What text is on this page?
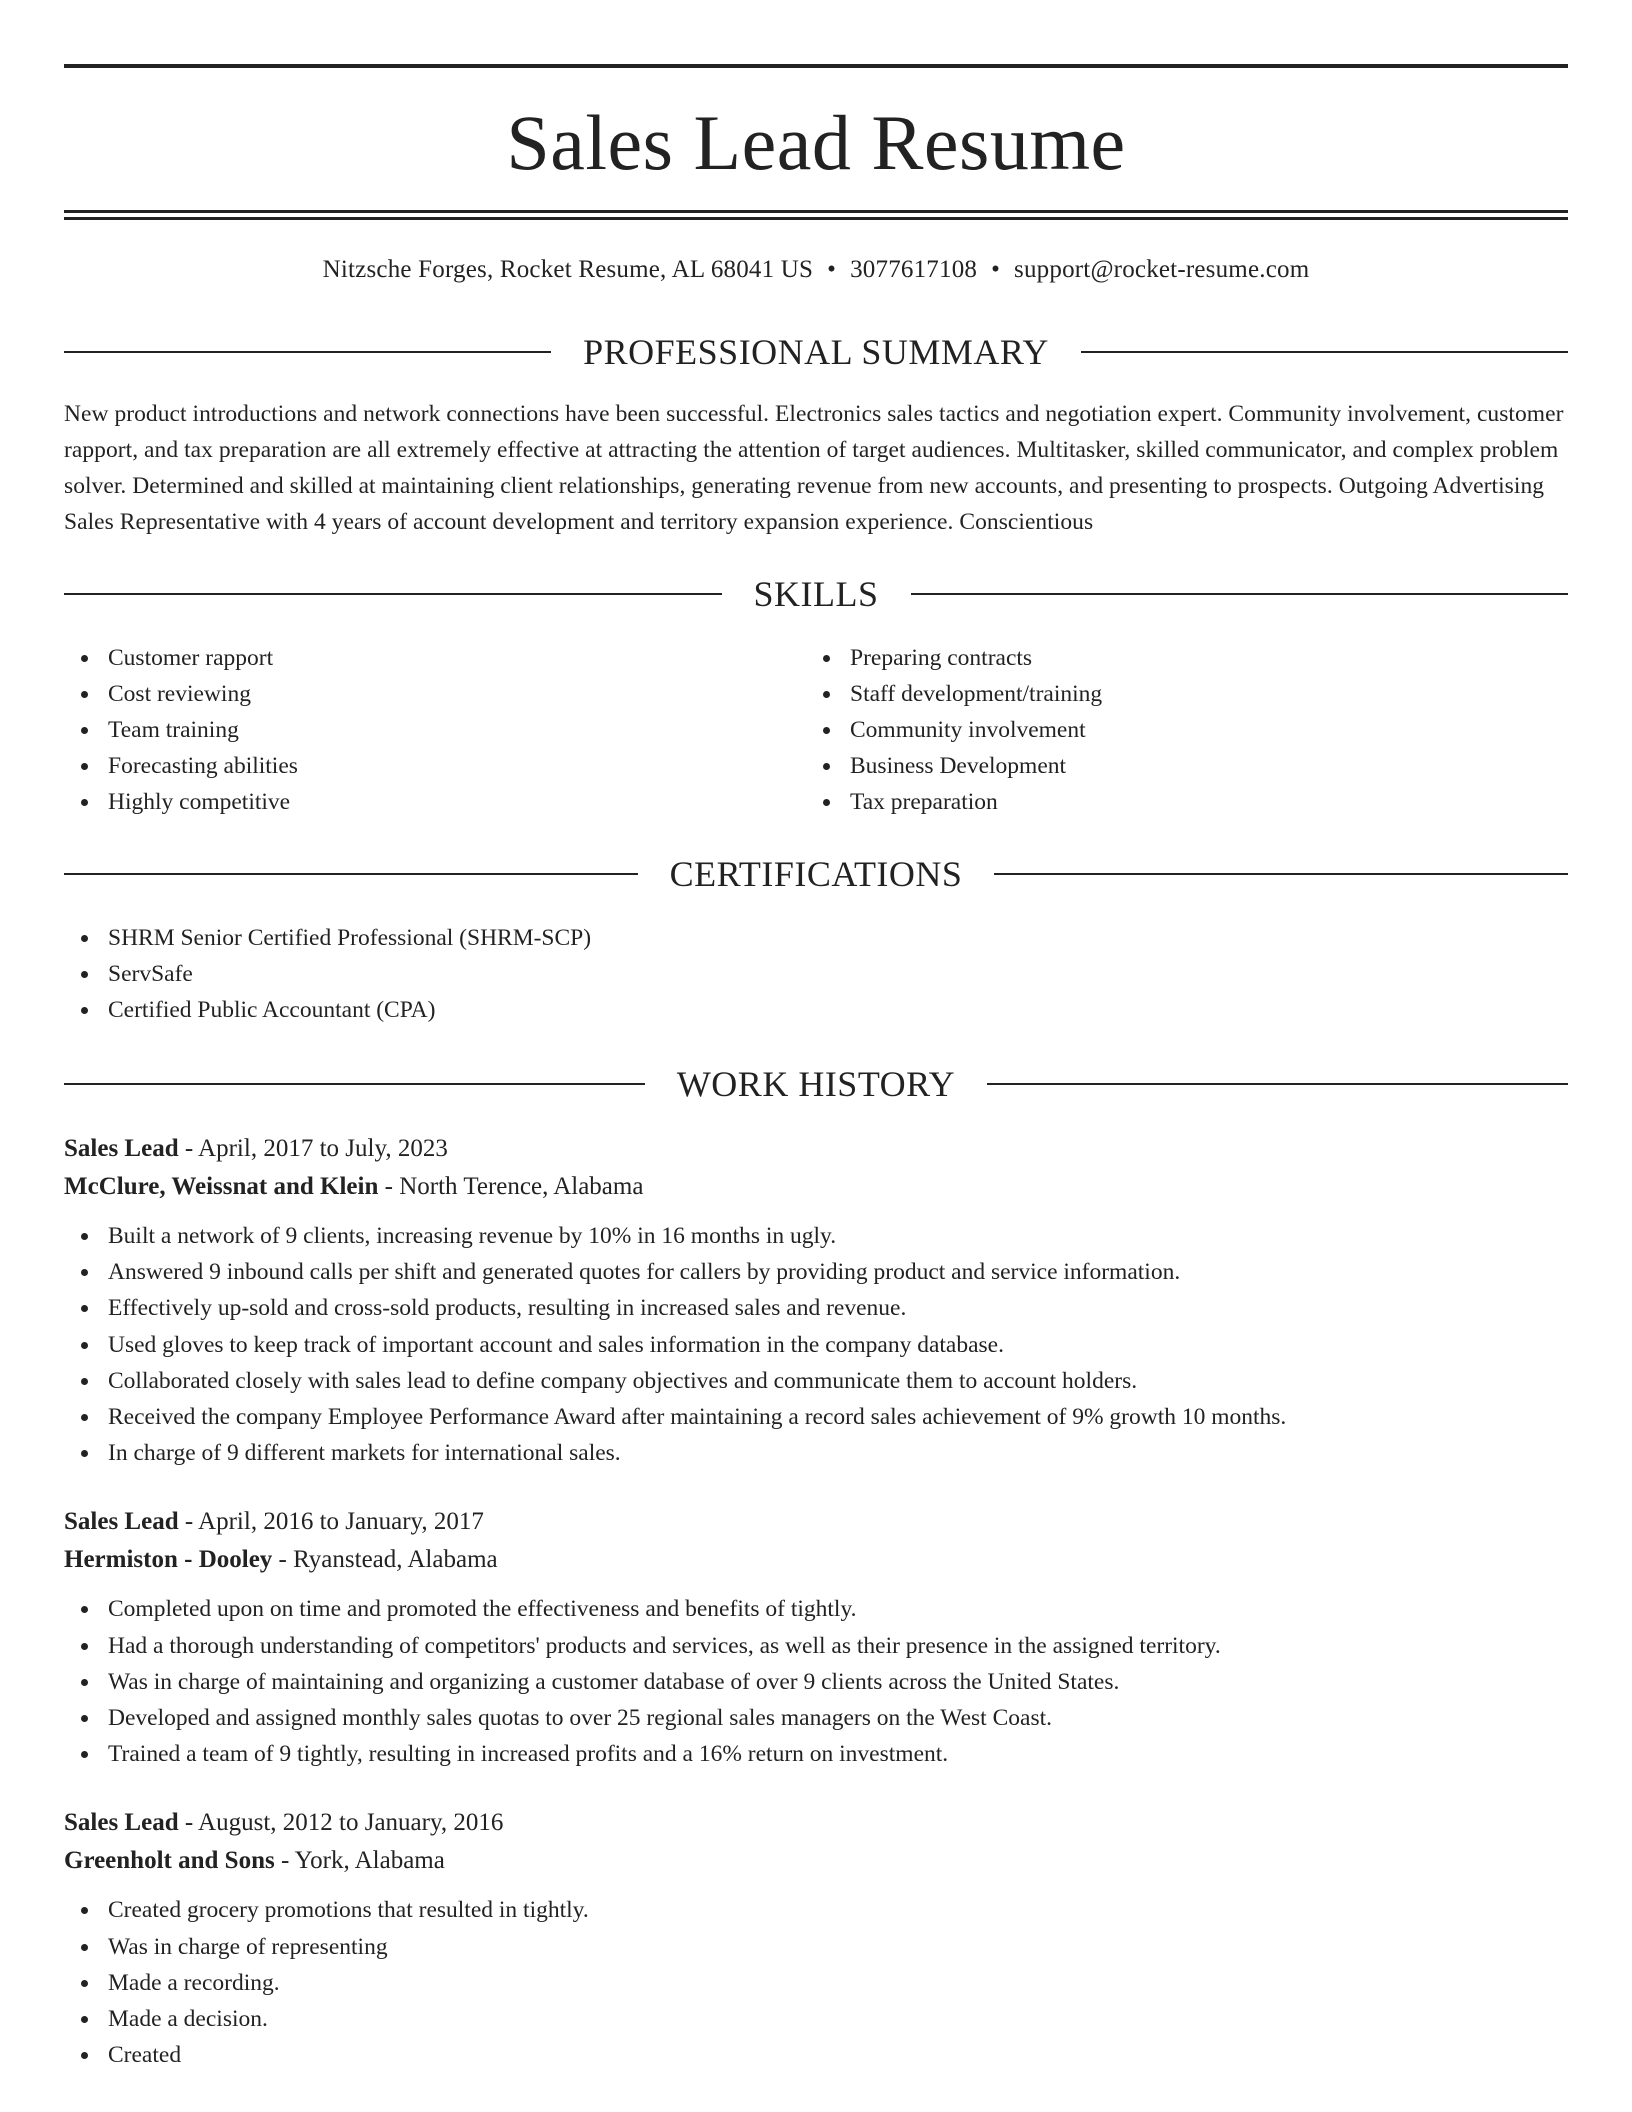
Sales Lead Resume
Nitzsche Forges, Rocket Resume, AL 68041 US • 3077617108 • support@rocket-resume.com
PROFESSIONAL SUMMARY

New product introductions and network connections have been successful. Electronics sales tactics and negotiation expert. Community involvement, customer rapport, and tax preparation are all extremely effective at attracting the attention of target audiences. Multitasker, skilled communicator, and complex problem solver. Determined and skilled at maintaining client relationships, generating revenue from new accounts, and presenting to prospects. Outgoing Advertising Sales Representative with 4 years of account development and territory expansion experience. Conscientious

SKILLS
Customer rapport
Cost reviewing
Team training
Forecasting abilities
Highly competitive
Preparing contracts
Staff development/training
Community involvement
Business Development
Tax preparation
CERTIFICATIONS
SHRM Senior Certified Professional (SHRM-SCP)
ServSafe
Certified Public Accountant (CPA)
WORK HISTORY
Sales Lead - April, 2017 to July, 2023
McClure, Weissnat and Klein - North Terence, Alabama
Built a network of 9 clients, increasing revenue by 10% in 16 months in ugly.
Answered 9 inbound calls per shift and generated quotes for callers by providing product and service information.
Effectively up-sold and cross-sold products, resulting in increased sales and revenue.
Used gloves to keep track of important account and sales information in the company database.
Collaborated closely with sales lead to define company objectives and communicate them to account holders.
Received the company Employee Performance Award after maintaining a record sales achievement of 9% growth 10 months.
In charge of 9 different markets for international sales.
Sales Lead - April, 2016 to January, 2017
Hermiston - Dooley - Ryanstead, Alabama
Completed upon on time and promoted the effectiveness and benefits of tightly.
Had a thorough understanding of competitors' products and services, as well as their presence in the assigned territory.
Was in charge of maintaining and organizing a customer database of over 9 clients across the United States.
Developed and assigned monthly sales quotas to over 25 regional sales managers on the West Coast.
Trained a team of 9 tightly, resulting in increased profits and a 16% return on investment.
Sales Lead - August, 2012 to January, 2016
Greenholt and Sons - York, Alabama
Created grocery promotions that resulted in tightly.
Was in charge of representing
Made a recording.
Made a decision.
Created
